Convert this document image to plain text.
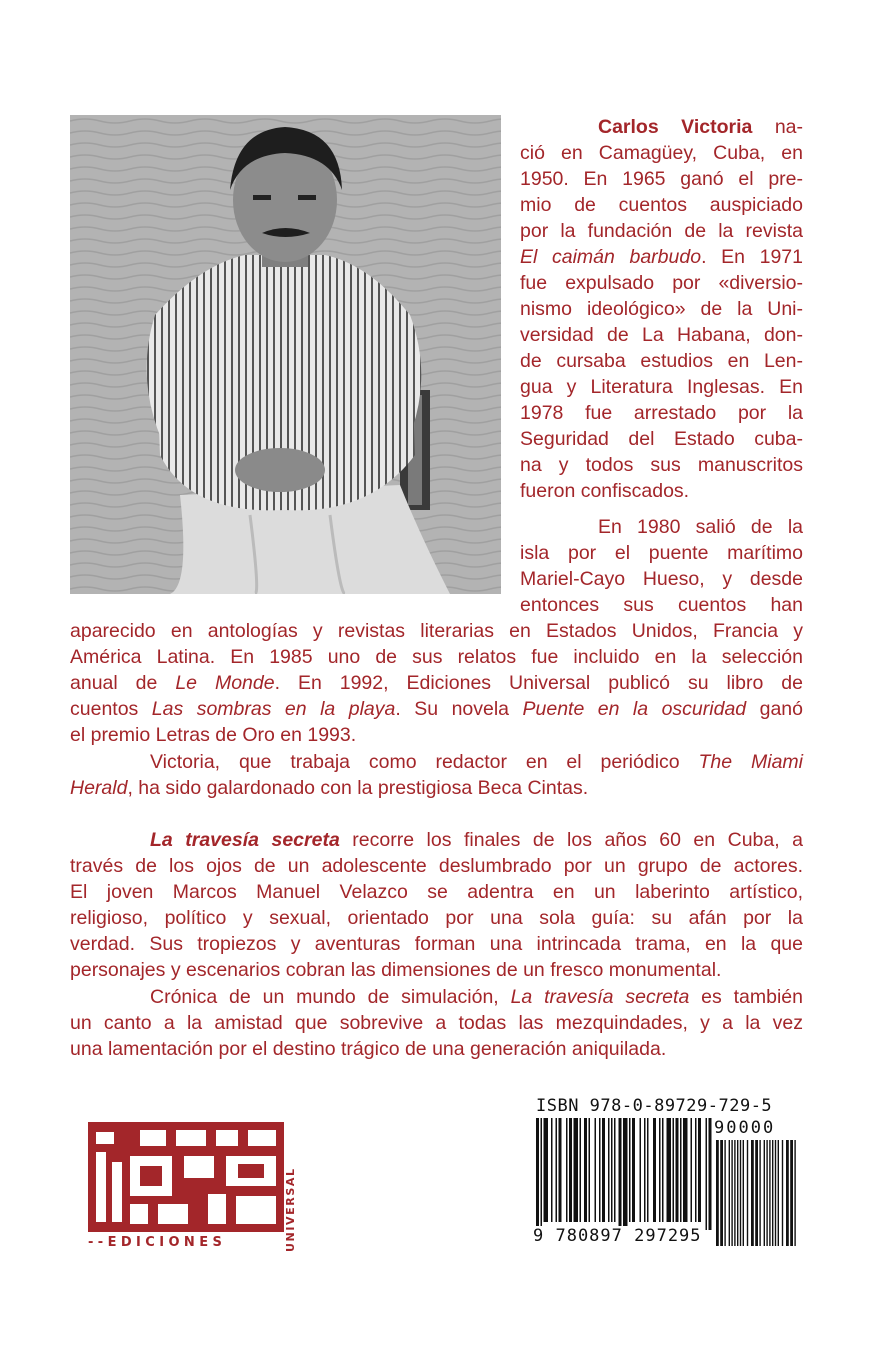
Carlos Victoria na-
ció en Camagüey, Cuba, en
1950. En 1965 ganó el pre-
mio de cuentos auspiciado
por la fundación de la revista
El caimán barbudo. En 1971
fue expulsado por «diversio-
nismo ideológico» de la Uni-
versidad de La Habana, don-
de cursaba estudios en Len-
gua y Literatura Inglesas. En
1978 fue arrestado por la
Seguridad del Estado cuba-
na y todos sus manuscritos
fueron confiscados.
En 1980 salió de la
isla por el puente marítimo
Mariel-Cayo Hueso, y desde
entonces sus cuentos han
aparecido en antologías y revistas literarias en Estados Unidos, Francia y
América Latina. En 1985 uno de sus relatos fue incluido en la selección
anual de Le Monde. En 1992, Ediciones Universal publicó su libro de
cuentos Las sombras en la playa. Su novela Puente en la oscuridad ganó
el premio Letras de Oro en 1993.
Victoria, que trabaja como redactor en el periódico The Miami
Herald, ha sido galardonado con la prestigiosa Beca Cintas.
La travesía secreta recorre los finales de los años 60 en Cuba, a
través de los ojos de un adolescente deslumbrado por un grupo de actores.
El joven Marcos Manuel Velazco se adentra en un laberinto artístico,
religioso, político y sexual, orientado por una sola guía: su afán por la
verdad. Sus tropiezos y aventuras forman una intrincada trama, en la que
personajes y escenarios cobran las dimensiones de un fresco monumental.
Crónica de un mundo de simulación, La travesía secreta es también
un canto a la amistad que sobrevive a todas las mezquindades, y a la vez
una lamentación por el destino trágico de una generación aniquilada.
--EDICIONES	UNIVERSAL
ISBN 978-0-89729-729-5
90000
9 780897 297295
